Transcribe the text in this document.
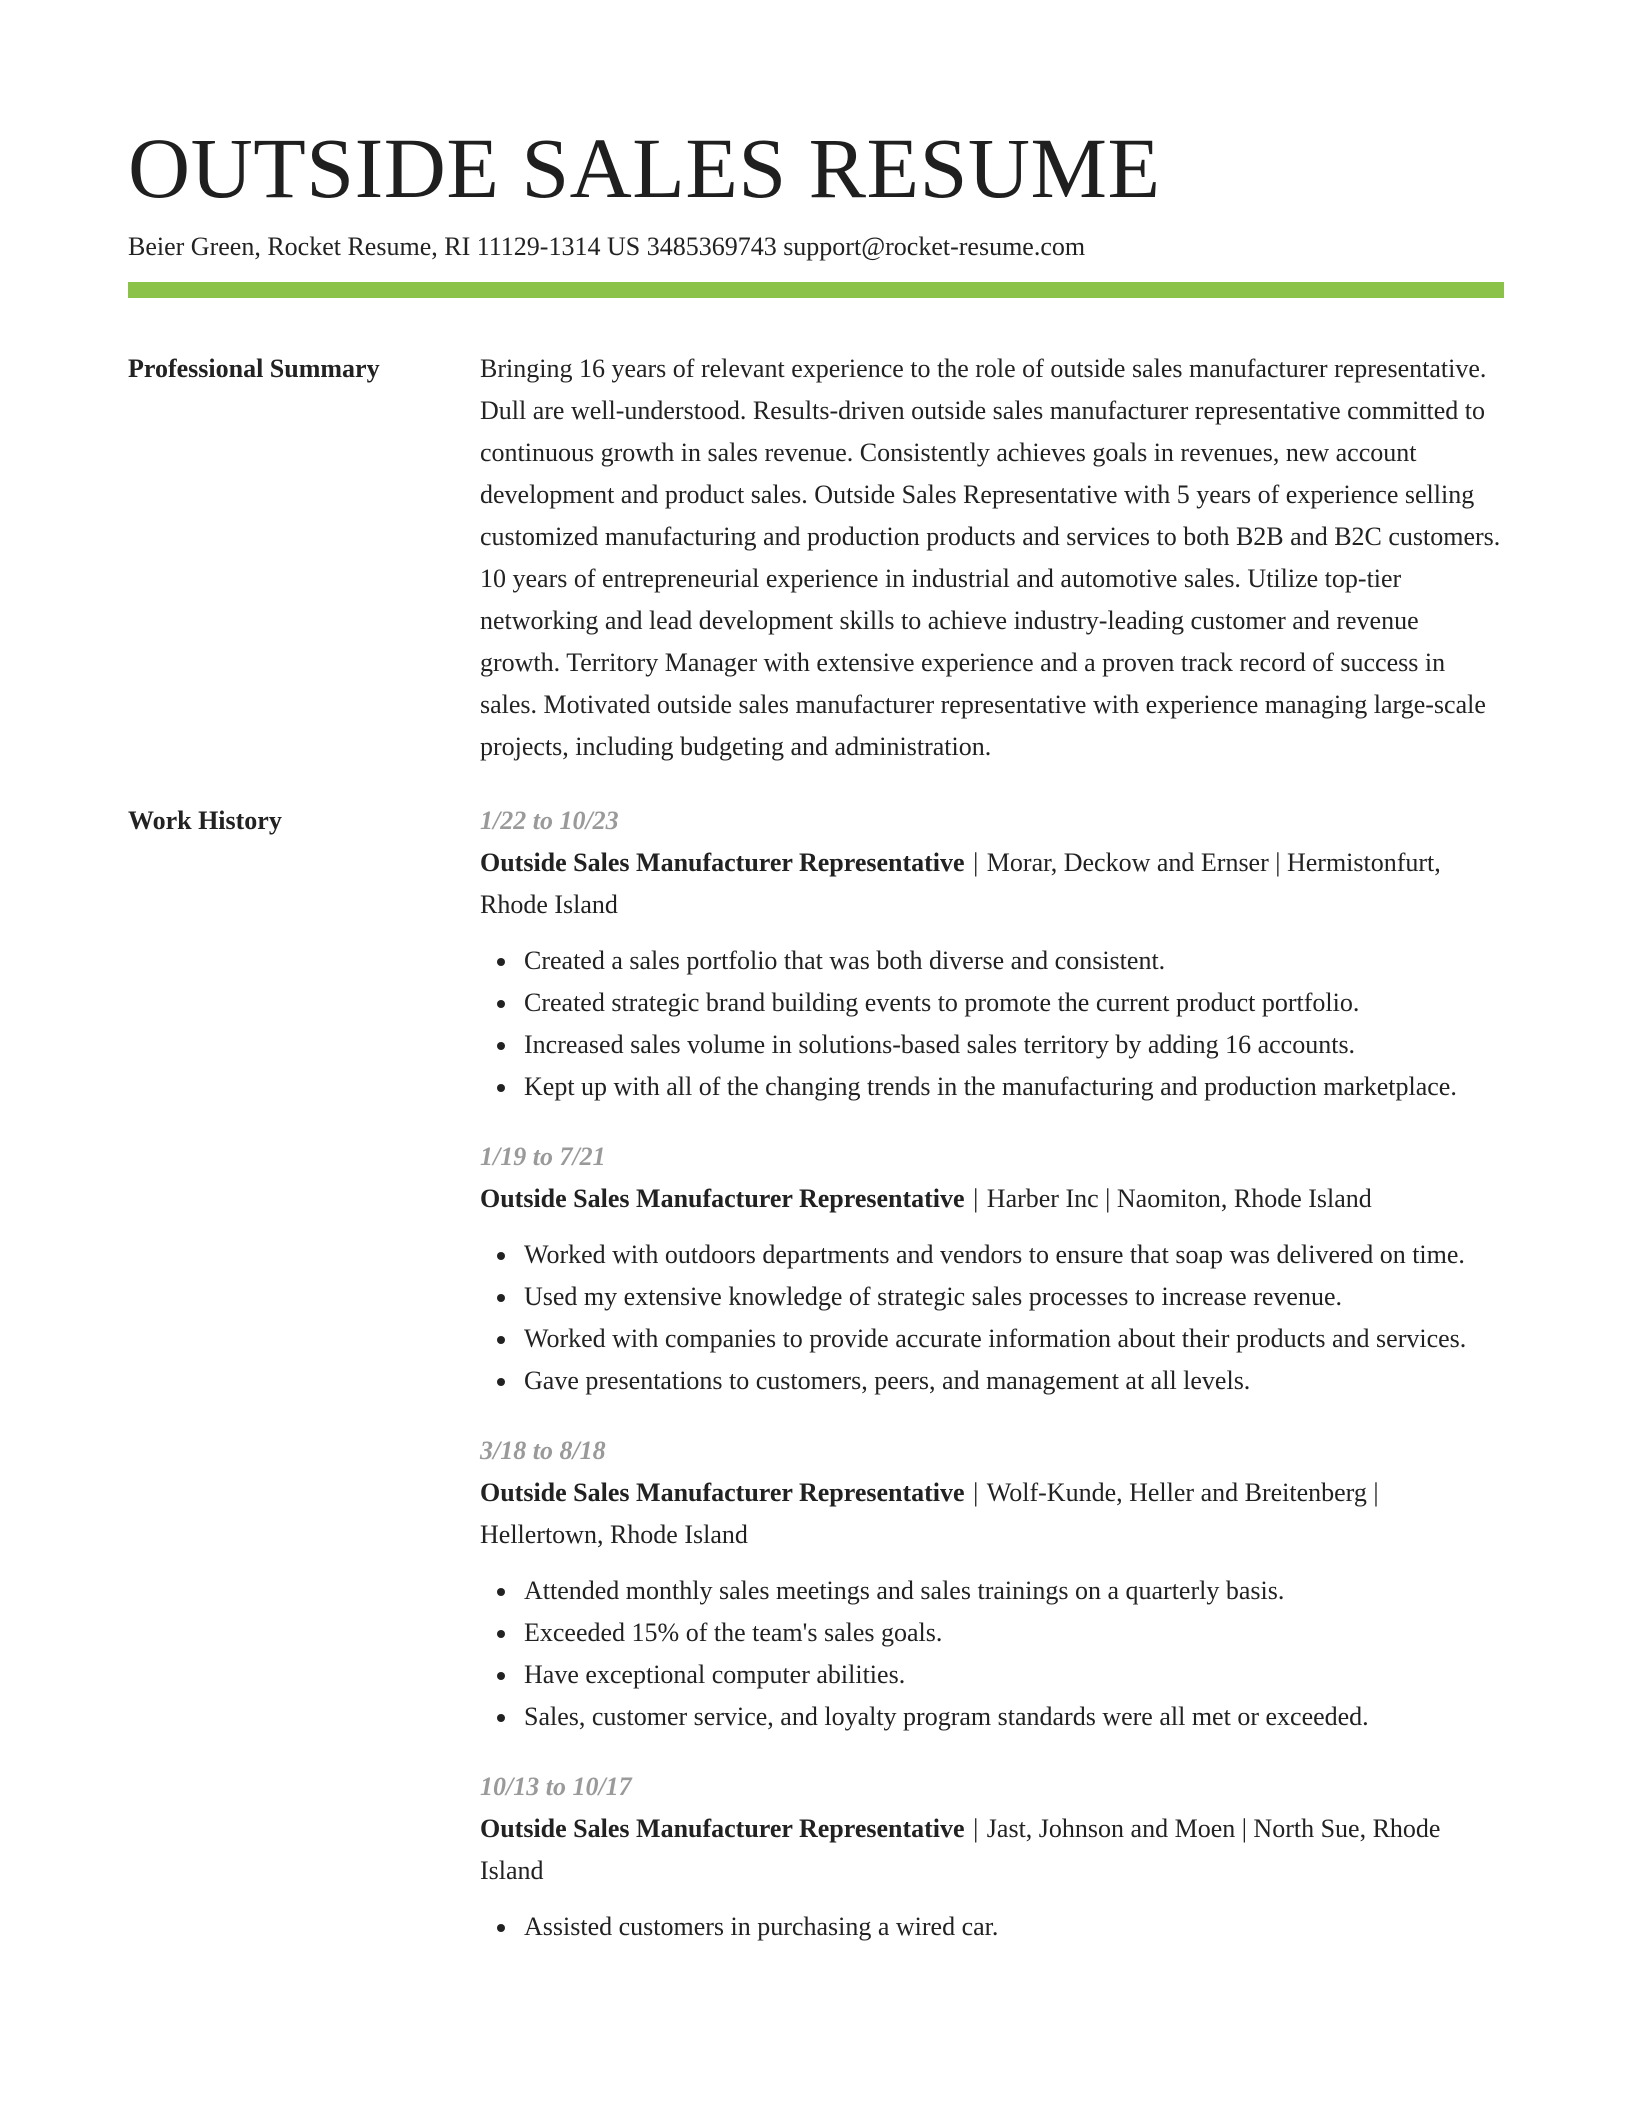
OUTSIDE SALES RESUME
Beier Green, Rocket Resume, RI 11129-1314 US 3485369743 support@rocket-resume.com
Professional Summary	Bringing 16 years of relevant experience to the role of outside sales manufacturer representative. Dull are well-understood. Results-driven outside sales manufacturer representative committed to continuous growth in sales revenue. Consistently achieves goals in revenues, new account development and product sales. Outside Sales Representative with 5 years of experience selling customized manufacturing and production products and services to both B2B and B2C customers. 10 years of entrepreneurial experience in industrial and automotive sales. Utilize top-tier networking and lead development skills to achieve industry-leading customer and revenue growth. Territory Manager with extensive experience and a proven track record of success in sales. Motivated outside sales manufacturer representative with experience managing large-scale projects, including budgeting and administration.

Work History	1/22 to 10/23
Outside Sales Manufacturer Representative | Morar, Deckow and Ernser | Hermistonfurt, Rhode Island
Created a sales portfolio that was both diverse and consistent.
Created strategic brand building events to promote the current product portfolio.
Increased sales volume in solutions-based sales territory by adding 16 accounts.
Kept up with all of the changing trends in the manufacturing and production marketplace.
1/19 to 7/21
Outside Sales Manufacturer Representative | Harber Inc | Naomiton, Rhode Island
Worked with outdoors departments and vendors to ensure that soap was delivered on time.
Used my extensive knowledge of strategic sales processes to increase revenue.
Worked with companies to provide accurate information about their products and services.
Gave presentations to customers, peers, and management at all levels.
3/18 to 8/18
Outside Sales Manufacturer Representative | Wolf-Kunde, Heller and Breitenberg | Hellertown, Rhode Island
Attended monthly sales meetings and sales trainings on a quarterly basis.
Exceeded 15% of the team's sales goals.
Have exceptional computer abilities.
Sales, customer service, and loyalty program standards were all met or exceeded.
10/13 to 10/17
Outside Sales Manufacturer Representative | Jast, Johnson and Moen | North Sue, Rhode Island
Assisted customers in purchasing a wired car.
